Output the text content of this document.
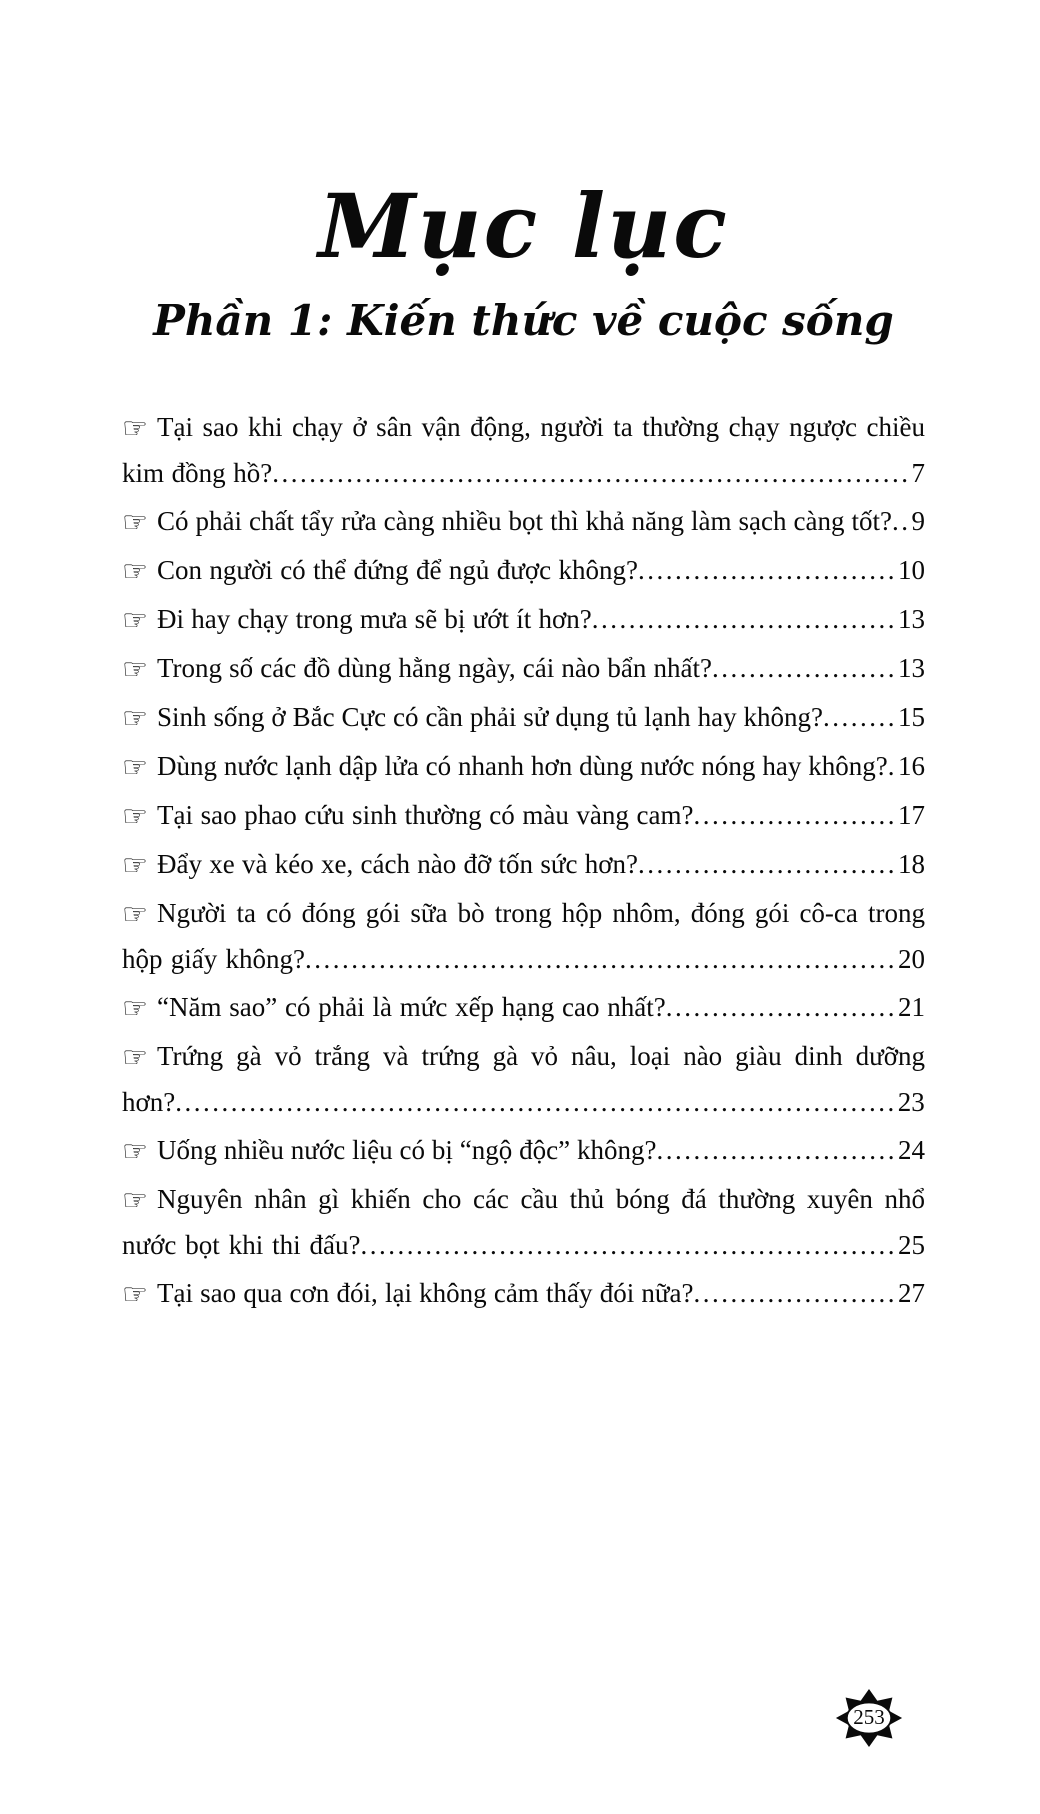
Mục lục
Phần 1: Kiến thức về cuộc sống

☞ Tại sao khi chạy ở sân vận động, người ta thường chạy ngược chiều kim đồng hồ?.....................................................................7

☞ Có phải chất tẩy rửa càng nhiều bọt thì khả năng làm sạch càng tốt?..9

☞ Con người có thể đứng để ngủ được không?............................10

☞ Đi hay chạy trong mưa sẽ bị ướt ít hơn?.................................13

☞ Trong số các đồ dùng hằng ngày, cái nào bẩn nhất?....................13

☞ Sinh sống ở Bắc Cực có cần phải sử dụng tủ lạnh hay không?........15

☞ Dùng nước lạnh dập lửa có nhanh hơn dùng nước nóng hay không?.16

☞ Tại sao phao cứu sinh thường có màu vàng cam?......................17

☞ Đẩy xe và kéo xe, cách nào đỡ tốn sức hơn?............................18

☞ Người ta có đóng gói sữa bò trong hộp nhôm, đóng gói cô-ca trong hộp giấy không?................................................................20

☞ “Năm sao” có phải là mức xếp hạng cao nhất?.........................21

☞ Trứng gà vỏ trắng và trứng gà vỏ nâu, loại nào giàu dinh dưỡng hơn?..............................................................................23

☞ Uống nhiều nước liệu có bị “ngộ độc” không?..........................24

☞ Nguyên nhân gì khiến cho các cầu thủ bóng đá thường xuyên nhổ nước bọt khi thi đấu?..........................................................25

☞ Tại sao qua cơn đói, lại không cảm thấy đói nữa?......................27

253
